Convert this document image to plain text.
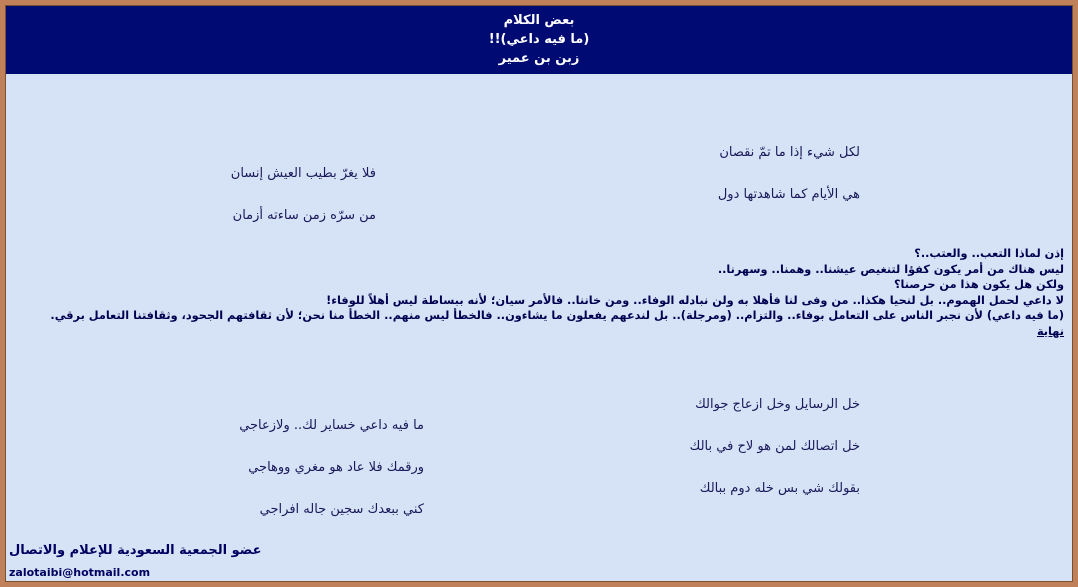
بعض الكلام
(ما فيه داعي)!!
زبن بن عمير
لكل شيء إذا ما تمّ نقصان
هي الأيام كما شاهدتها دول
فلا يغرّ بطيب العيش إنسان
من سرّه زمن ساءته أزمان
إذن لماذا التعب.. والعتب..؟
ليس هناك من أمر يكون كفؤا لتنغيص عيشنا.. وهمنا.. وسهرنا..
ولكن هل يكون هذا من حرصنا؟
لا داعي لحمل الهموم.. بل لنحيا هكذا.. من وفى لنا فأهلا به ولن نبادله الوفاء.. ومن خاننا.. فالأمر سيان؛ لأنه ببساطة ليس أهلاً للوفاء!
(ما فيه داعي) لأن نجبر الناس على التعامل بوفاء.. والتزام.. (ومرجلة).. بل لندعهم يفعلون ما يشاءون.. فالخطأ ليس منهم.. الخطأ منا نحن؛ لأن ثقافتهم الجحود، وثقافتنا التعامل برقي.
نهاية
خل الرسايل وخل ازعاج جوالك
خل اتصالك لمن هو لاح في بالك
بقولك شي بس خله دوم ببالك
ما فيه داعي خساير لك.. ولازعاجي
ورقمك فلا عاد هو مغري ووهاجي
كني ببعدك سجين جاله افراجي
عضو الجمعية السعودية للإعلام والاتصال
zalotaibi@hotmail.com
